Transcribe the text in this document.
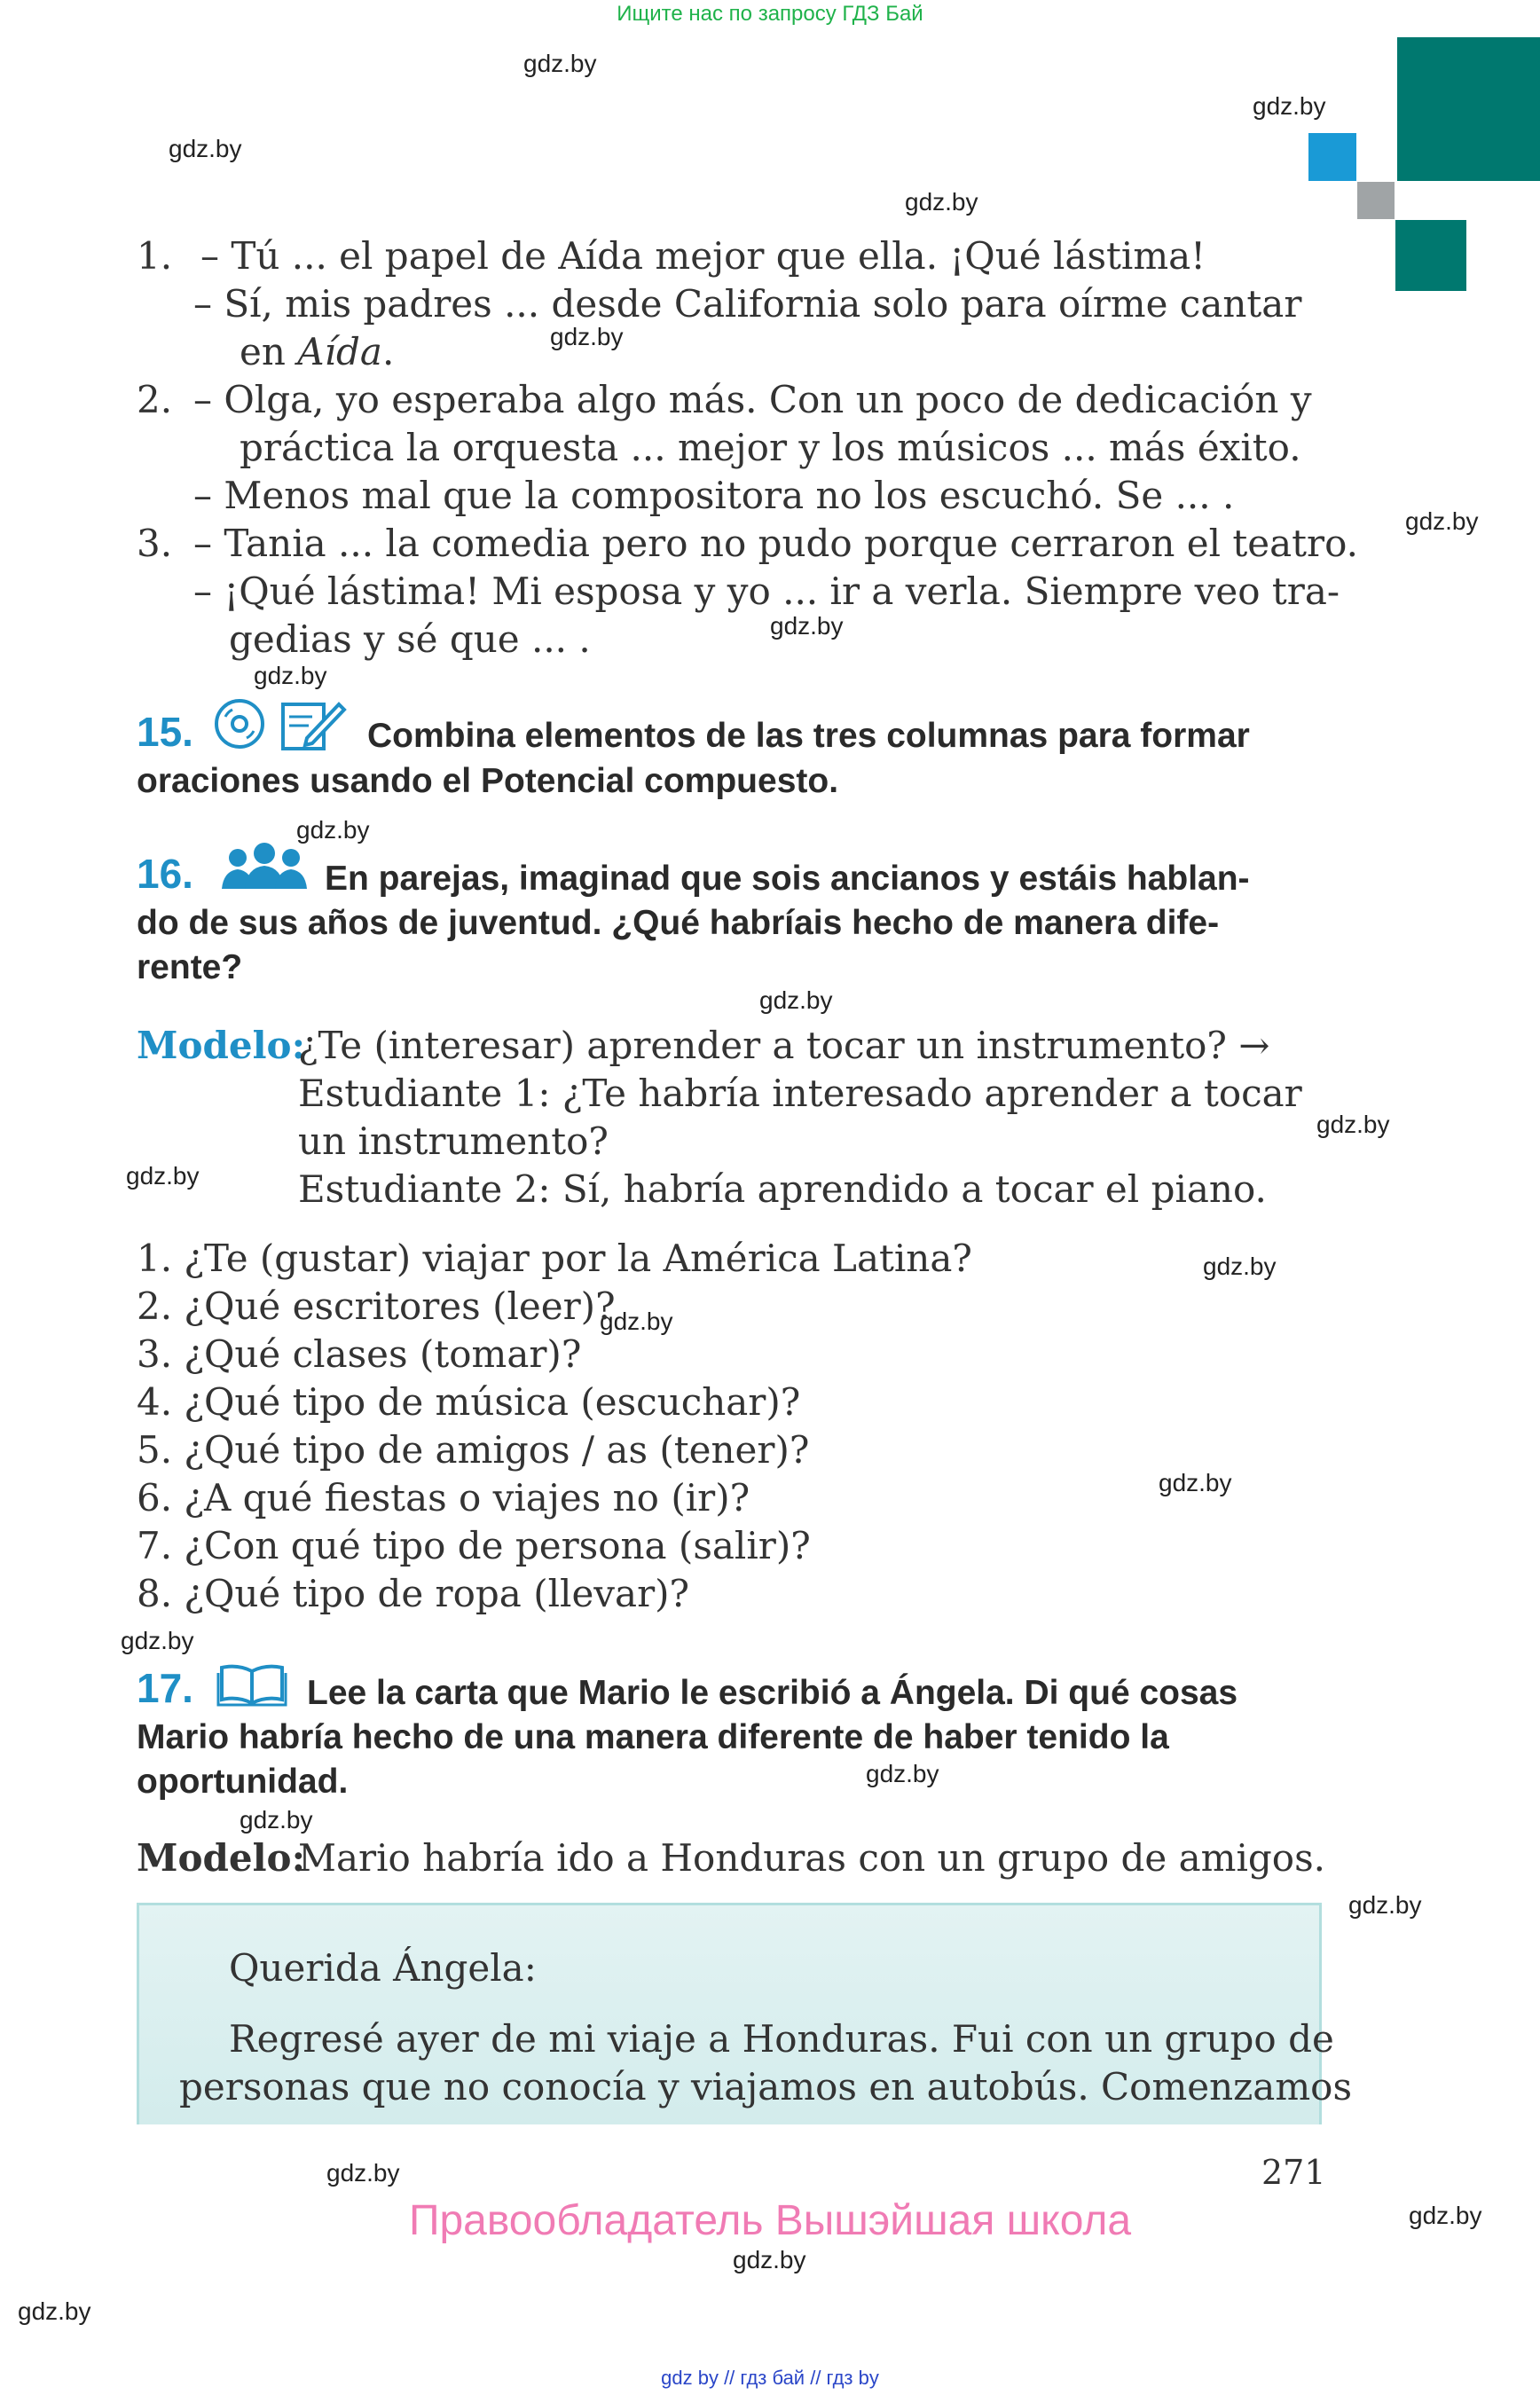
Ищите нас по запросу ГДЗ Бай
gdz.by
gdz.by
gdz.by
gdz.by
gdz.by
gdz.by
gdz.by
gdz.by
gdz.by
gdz.by
gdz.by
gdz.by
gdz.by
gdz.by
gdz.by
gdz.by
gdz.by
gdz.by
gdz.by
gdz.by
gdz.by
gdz.by
gdz.by
1. – Tú ... el papel de Aída mejor que ella. ¡Qué lástima!
– Sí, mis padres ... desde California solo para oírme cantar
en Aída.
2. – Olga, yo esperaba algo más. Con un poco de dedicación y
práctica la orquesta ... mejor y los músicos ... más éxito.
– Menos mal que la compositora no los escuchó. Se ... .
3. – Tania ... la comedia pero no pudo porque cerraron el teatro.
– ¡Qué lástima! Mi esposa y yo ... ir a verla. Siempre veo tra-
gedias y sé que ... .
15.	Combina elementos de las tres columnas para formar
oraciones usando el Potencial compuesto.
16.	En parejas, imaginad que sois ancianos y estáis hablan-
do de sus años de juventud. ¿Qué habríais hecho de manera dife-
rente?
Modelo:
¿Te (interesar) aprender a tocar un instrumento? →
Estudiante 1: ¿Te habría interesado aprender a tocar
un instrumento?
Estudiante 2: Sí, habría aprendido a tocar el piano.
1. ¿Te (gustar) viajar por la América Latina?
2. ¿Qué escritores (leer)?
3. ¿Qué clases (tomar)?
4. ¿Qué tipo de música (escuchar)?
5. ¿Qué tipo de amigos / as (tener)?
6. ¿A qué fiestas o viajes no (ir)?
7. ¿Con qué tipo de persona (salir)?
8. ¿Qué tipo de ropa (llevar)?
17.	Lee la carta que Mario le escribió a Ángela. Di qué cosas
Mario habría hecho de una manera diferente de haber tenido la
oportunidad.
Modelo:
Mario habría ido a Honduras con un grupo de amigos.
Querida Ángela:
Regresé ayer de mi viaje a Honduras. Fui con un grupo de
personas que no conocía y viajamos en autobús. Comenzamos
271
Правообладатель Вышэйшая школа
gdz by // гдз бай // гдз by
